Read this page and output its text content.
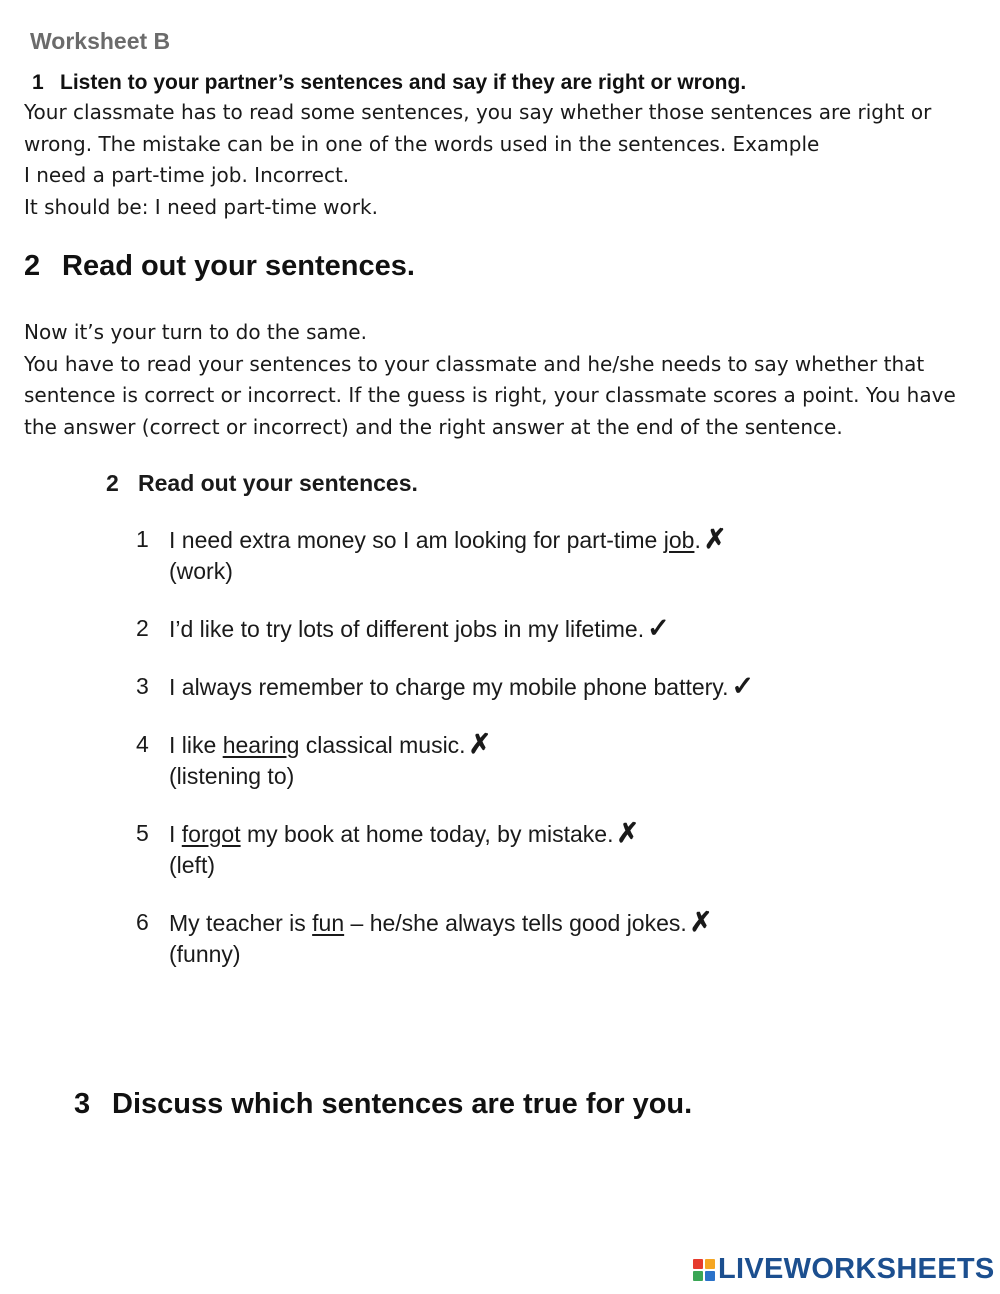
Worksheet B
1 Listen to your partner’s sentences and say if they are right or wrong.
Your classmate has to read some sentences, you say whether those sentences are right or
wrong. The mistake can be in one of the words used in the sentences. Example
I need a part-time job. Incorrect.
It should be: I need part-time work.
2 Read out your sentences.
Now it’s your turn to do the same.
You have to read your sentences to your classmate and he/she needs to say whether that
sentence is correct or incorrect. If the guess is right, your classmate scores a point. You have
the answer (correct or incorrect) and the right answer at the end of the sentence.
2 Read out your sentences.
1 I need extra money so I am looking for part-time job. ✗
(work)
2 I’d like to try lots of different jobs in my lifetime. ✓
3 I always remember to charge my mobile phone battery. ✓
4 I like hearing classical music. ✗
(listening to)
5 I forgot my book at home today, by mistake. ✗
(left)
6 My teacher is fun – he/she always tells good jokes. ✗
(funny)
3 Discuss which sentences are true for you.
LIVEWORKSHEETS
